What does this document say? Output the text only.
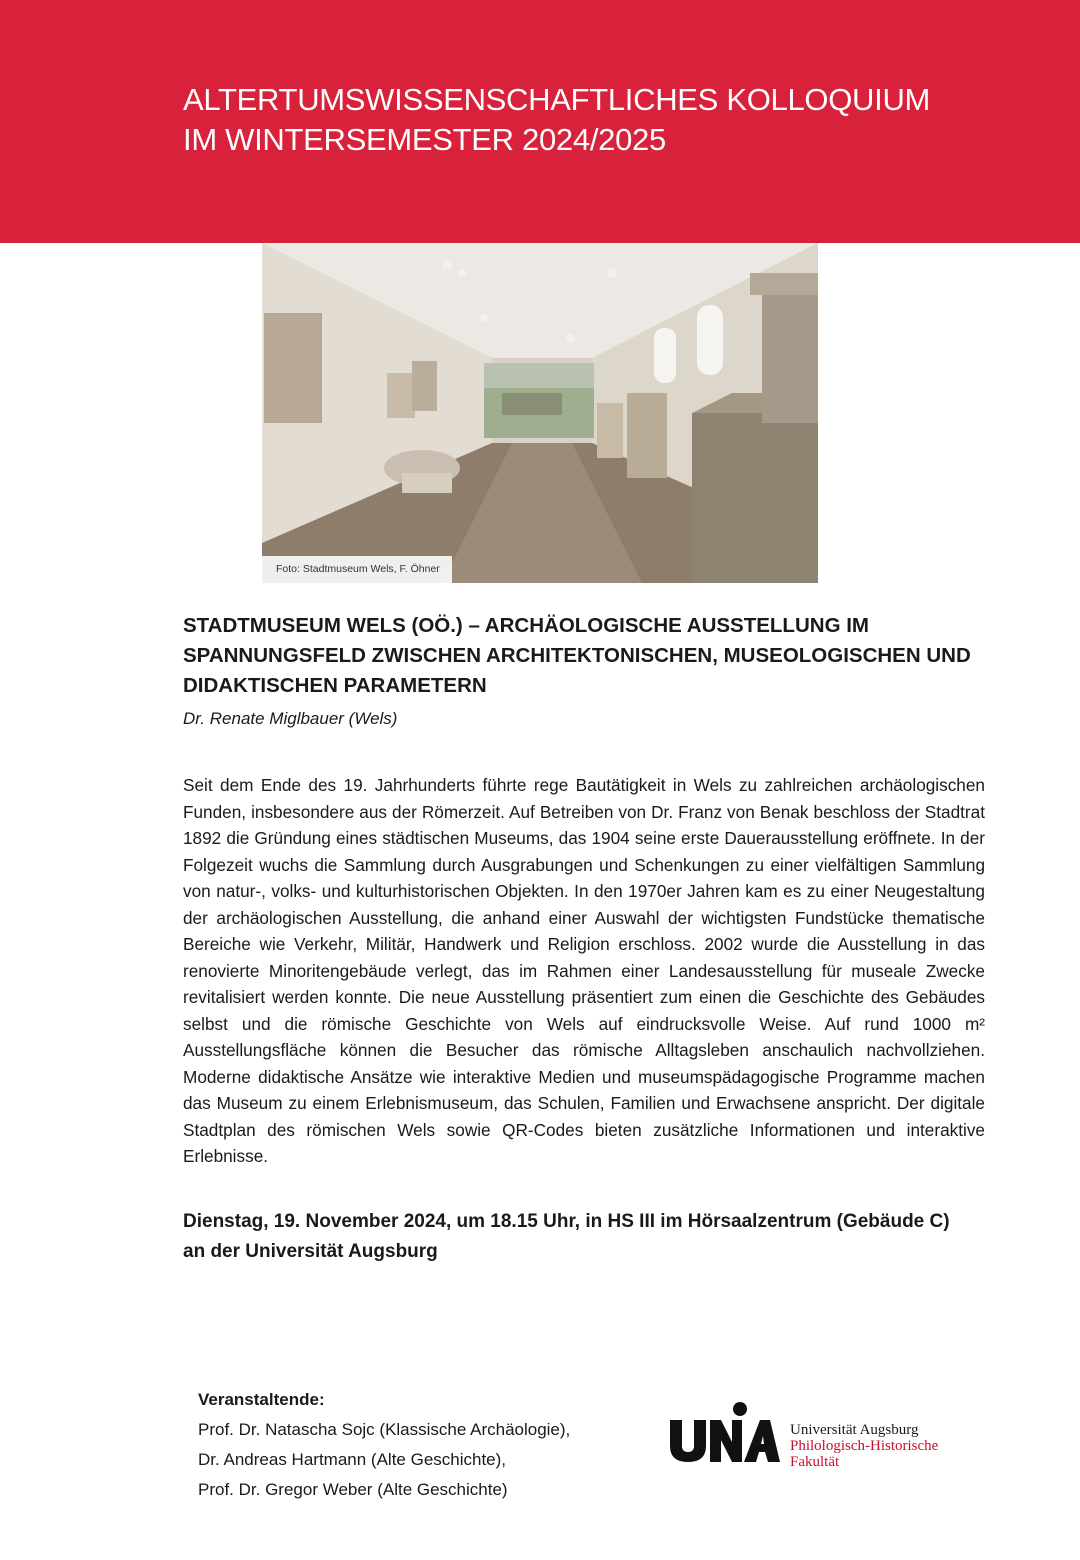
ALTERTUMSWISSENSCHAFTLICHES KOLLOQUIUM
IM WINTERSEMESTER 2024/2025
Foto: Stadtmuseum Wels, F. Öhner
STADTMUSEUM WELS (OÖ.) – ARCHÄOLOGISCHE AUSSTELLUNG IM
SPANNUNGSFELD ZWISCHEN ARCHITEKTONISCHEN, MUSEOLOGISCHEN UND
DIDAKTISCHEN PARAMETERN

Dr. Renate Miglbauer (Wels)

Seit dem Ende des 19. Jahrhunderts führte rege Bautätigkeit in Wels zu zahlreichen archäologischen Funden, insbesondere aus der Römerzeit. Auf Betreiben von Dr. Franz von Benak beschloss der Stadtrat 1892 die Gründung eines städtischen Museums, das 1904 seine erste Dauerausstellung eröffnete. In der Folgezeit wuchs die Sammlung durch Ausgrabungen und Schenkungen zu einer vielfältigen Sammlung von natur-, volks- und kulturhistorischen Objekten. In den 1970er Jahren kam es zu einer Neugestaltung der archäologischen Ausstellung, die anhand einer Auswahl der wichtigsten Fundstücke thematische Bereiche wie Verkehr, Militär, Handwerk und Religion erschloss. 2002 wurde die Ausstellung in das renovierte Minoritengebäude verlegt, das im Rahmen einer Landesausstellung für museale Zwecke revitalisiert werden konnte. Die neue Ausstellung präsentiert zum einen die Geschichte des Gebäudes selbst und die römische Geschichte von Wels auf eindrucksvolle Weise. Auf rund 1000 m² Ausstellungsfläche können die Besucher das römische Alltagsleben anschaulich nachvollziehen. Moderne didaktische Ansätze wie interaktive Medien und museumspädagogische Programme machen das Museum zu einem Erlebnismuseum, das Schulen, Familien und Erwachsene anspricht. Der digitale Stadtplan des römischen Wels sowie QR-Codes bieten zusätzliche Informationen und interaktive Erlebnisse.

Dienstag, 19. November 2024, um 18.15 Uhr, in HS III im Hörsaalzentrum (Gebäude C)
an der Universität Augsburg

Veranstaltende:
Prof. Dr. Natascha Sojc (Klassische Archäologie),
Dr. Andreas Hartmann (Alte Geschichte),
Prof. Dr. Gregor Weber (Alte Geschichte)
Universität Augsburg
Philologisch-Historische
Fakultät
